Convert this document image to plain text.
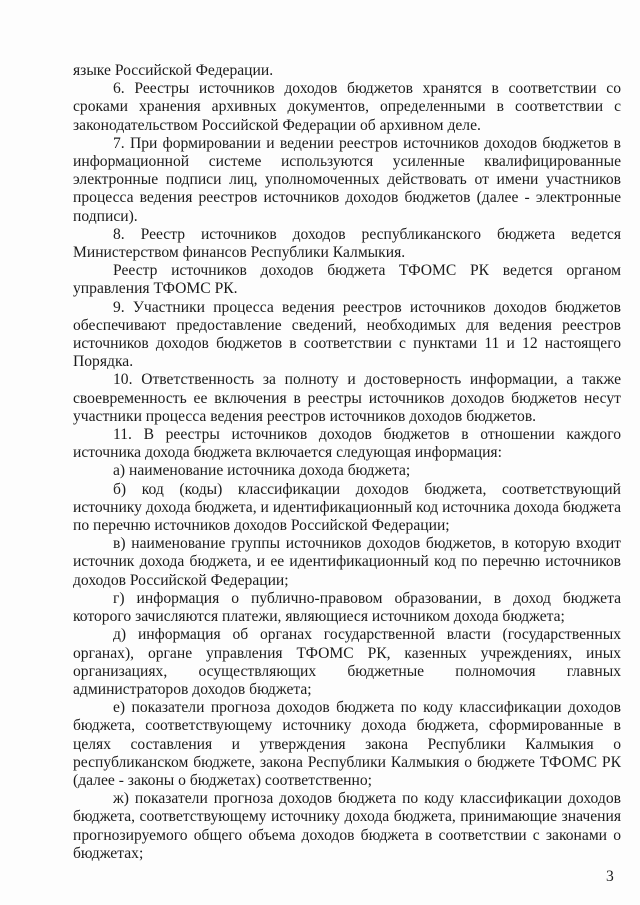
языке Российской Федерации.

6. Реестры источников доходов бюджетов хранятся в соответствии со сроками хранения архивных документов, определенными в соответствии с законодательством Российской Федерации об архивном деле.

7. При формировании и ведении реестров источников доходов бюджетов в информационной системе используются усиленные квалифицированные электронные подписи лиц, уполномоченных действовать от имени участников процесса ведения реестров источников доходов бюджетов (далее - электронные подписи).

8. Реестр источников доходов республиканского бюджета ведется Министерством финансов Республики Калмыкия.

Реестр источников доходов бюджета ТФОМС РК ведется органом управления ТФОМС РК.

9. Участники процесса ведения реестров источников доходов бюджетов обеспечивают предоставление сведений, необходимых для ведения реестров источников доходов бюджетов в соответствии с пунктами 11 и 12 настоящего Порядка.

10. Ответственность за полноту и достоверность информации, а также своевременность ее включения в реестры источников доходов бюджетов несут участники процесса ведения реестров источников доходов бюджетов.

11. В реестры источников доходов бюджетов в отношении каждого источника дохода бюджета включается следующая информация:

а) наименование источника дохода бюджета;

б) код (коды) классификации доходов бюджета, соответствующий источнику дохода бюджета, и идентификационный код источника дохода бюджета по перечню источников доходов Российской Федерации;

в) наименование группы источников доходов бюджетов, в которую входит источник дохода бюджета, и ее идентификационный код по перечню источников доходов Российской Федерации;

г) информация о публично-правовом образовании, в доход бюджета которого зачисляются платежи, являющиеся источником дохода бюджета;

д) информация об органах государственной власти (государственных органах), органе управления ТФОМС РК, казенных учреждениях, иных организациях, осуществляющих бюджетные полномочия главных администраторов доходов бюджета;

е) показатели прогноза доходов бюджета по коду классификации доходов бюджета, соответствующему источнику дохода бюджета, сформированные в целях составления и утверждения закона Республики Калмыкия о республиканском бюджете, закона Республики Калмыкия о бюджете ТФОМС РК (далее - законы о бюджетах) соответственно;

ж) показатели прогноза доходов бюджета по коду классификации доходов бюджета, соответствующему источнику дохода бюджета, принимающие значения прогнозируемого общего объема доходов бюджета в соответствии с законами о бюджетах;

3
